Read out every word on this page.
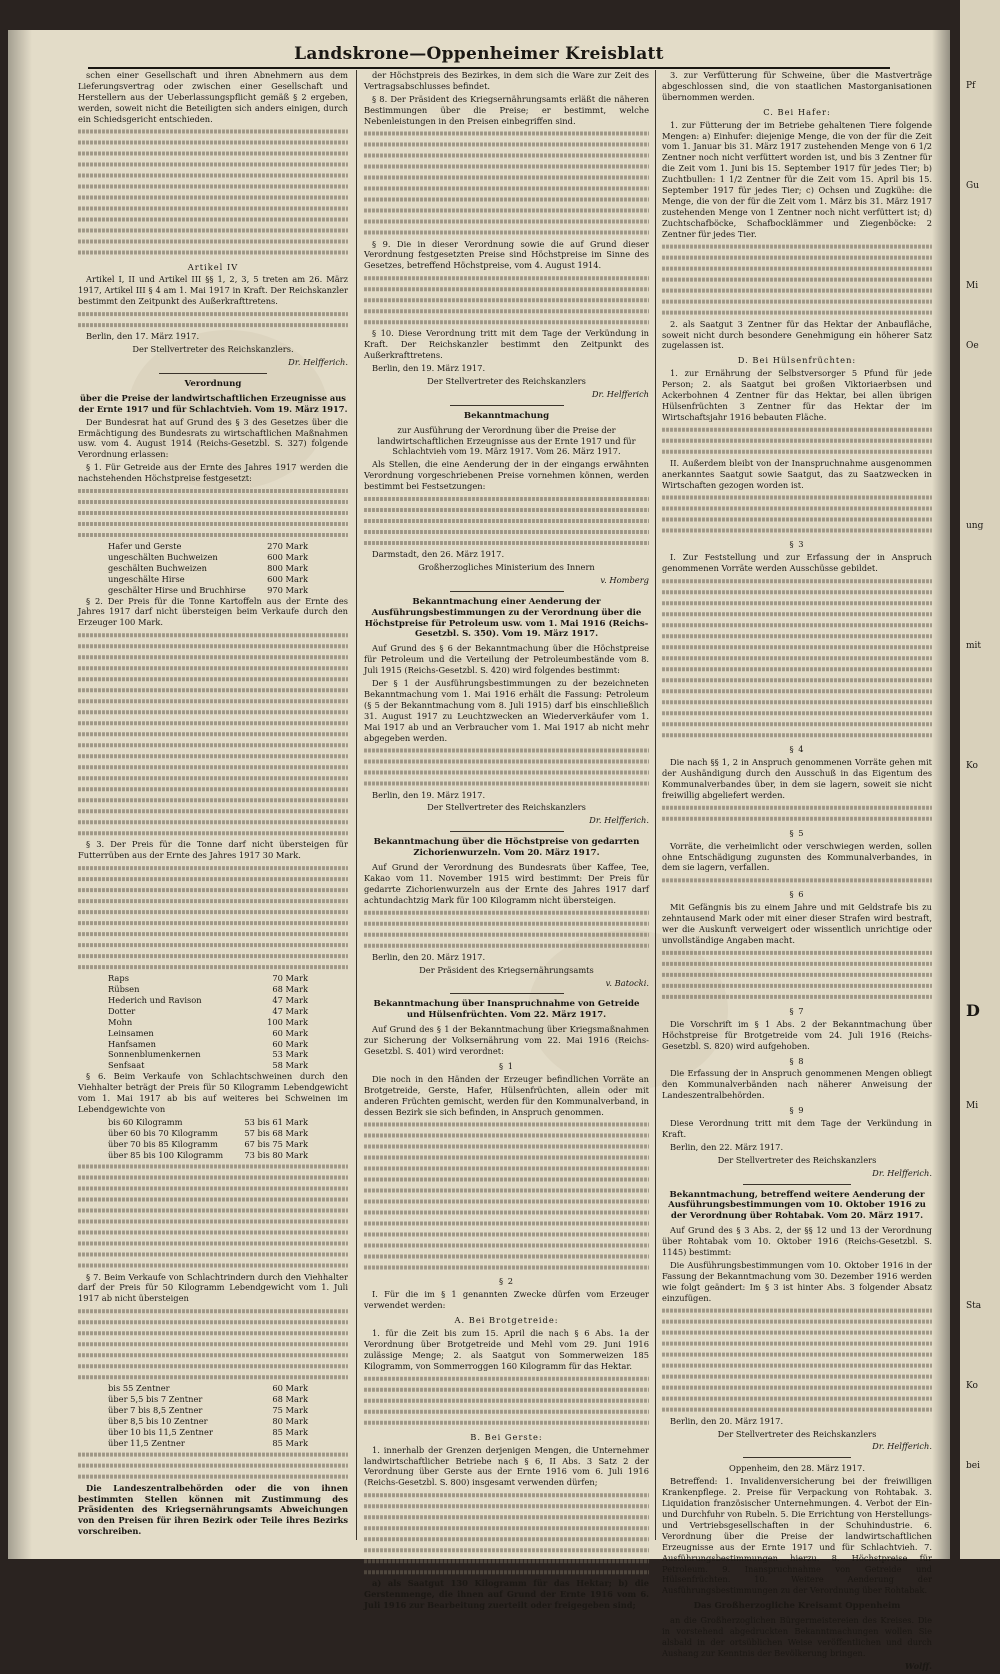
Pf
Gu
Mi
Oe
ung
mit
Ko
D
Mi
Sta
Ko
bei
Landskrone—Oppenheimer Kreisblatt

schen einer Gesellschaft und ihren Abnehmern aus dem Lieferungsvertrag oder zwischen einer Gesellschaft und Herstellern aus der Ueberlassungspflicht gemäß § 2 ergeben, werden, soweit nicht die Beteiligten sich anders einigen, durch ein Schiedsgericht entschieden.

Artikel IV

Artikel I, II und Artikel III §§ 1, 2, 3, 5 treten am 26. März 1917, Artikel III § 4 am 1. Mai 1917 in Kraft. Der Reichskanzler bestimmt den Zeitpunkt des Außerkrafttretens.

Berlin, den 17. März 1917.

Der Stellvertreter des Reichskanzlers.

Dr. Helfferich.

Verordnung

über die Preise der landwirtschaftlichen Erzeugnisse aus der Ernte 1917 und für Schlachtvieh. Vom 19. März 1917.

Der Bundesrat hat auf Grund des § 3 des Gesetzes über die Ermächtigung des Bundesrats zu wirtschaftlichen Maßnahmen usw. vom 4. August 1914 (Reichs-Gesetzbl. S. 327) folgende Verordnung erlassen:

§ 1. Für Getreide aus der Ernte des Jahres 1917 werden die nachstehenden Höchstpreise festgesetzt:

Hafer und Gerste	270 Mark
ungeschälten Buchweizen	600 Mark
geschälten Buchweizen	800 Mark
ungeschälte Hirse	600 Mark
geschälter Hirse und Bruchhirse	970 Mark

§ 2. Der Preis für die Tonne Kartoffeln aus der Ernte des Jahres 1917 darf nicht übersteigen beim Verkaufe durch den Erzeuger 100 Mark.

§ 3. Der Preis für die Tonne darf nicht übersteigen für Futterrüben aus der Ernte des Jahres 1917 30 Mark.

Raps	70 Mark
Rübsen	68 Mark
Hederich und Ravison	47 Mark
Dotter	47 Mark
Mohn	100 Mark
Leinsamen	60 Mark
Hanfsamen	60 Mark
Sonnenblumenkernen	53 Mark
Senfsaat	58 Mark

§ 6. Beim Verkaufe von Schlachtschweinen durch den Viehhalter beträgt der Preis für 50 Kilogramm Lebendgewicht vom 1. Mai 1917 ab bis auf weiteres bei Schweinen im Lebendgewichte von

bis 60 Kilogramm	53 bis 61 Mark
über 60 bis 70 Kilogramm	57 bis 68 Mark
über 70 bis 85 Kilogramm	67 bis 75 Mark
über 85 bis 100 Kilogramm	73 bis 80 Mark

§ 7. Beim Verkaufe von Schlachtrindern durch den Viehhalter darf der Preis für 50 Kilogramm Lebendgewicht vom 1. Juli 1917 ab nicht übersteigen

bis 55 Zentner	60 Mark
über 5,5 bis 7 Zentner	68 Mark
über 7 bis 8,5 Zentner	75 Mark
über 8,5 bis 10 Zentner	80 Mark
über 10 bis 11,5 Zentner	85 Mark
über 11,5 Zentner	85 Mark

Die Landeszentralbehörden oder die von ihnen bestimmten Stellen können mit Zustimmung des Präsidenten des Kriegsernährungsamts Abweichungen von den Preisen für ihren Bezirk oder Teile ihres Bezirks vorschreiben.

der Höchstpreis des Bezirkes, in dem sich die Ware zur Zeit des Vertragsabschlusses befindet.

§ 8. Der Präsident des Kriegsernährungsamts erläßt die näheren Bestimmungen über die Preise; er bestimmt, welche Nebenleistungen in den Preisen einbegriffen sind.

§ 9. Die in dieser Verordnung sowie die auf Grund dieser Verordnung festgesetzten Preise sind Höchstpreise im Sinne des Gesetzes, betreffend Höchstpreise, vom 4. August 1914.

§ 10. Diese Verordnung tritt mit dem Tage der Verkündung in Kraft. Der Reichskanzler bestimmt den Zeitpunkt des Außerkrafttretens.

Berlin, den 19. März 1917.

Der Stellvertreter des Reichskanzlers

Dr. Helfferich

Bekanntmachung

zur Ausführung der Verordnung über die Preise der landwirtschaftlichen Erzeugnisse aus der Ernte 1917 und für Schlachtvieh vom 19. März 1917. Vom 26. März 1917.

Als Stellen, die eine Aenderung der in der eingangs erwähnten Verordnung vorgeschriebenen Preise vornehmen können, werden bestimmt bei Festsetzungen:

Darmstadt, den 26. März 1917.

Großherzogliches Ministerium des Innern

v. Homberg

Bekanntmachung einer Aenderung der Ausführungsbestimmungen zu der Verordnung über die Höchstpreise für Petroleum usw. vom 1. Mai 1916 (Reichs-Gesetzbl. S. 350). Vom 19. März 1917.

Auf Grund des § 6 der Bekanntmachung über die Höchstpreise für Petroleum und die Verteilung der Petroleumbestände vom 8. Juli 1915 (Reichs-Gesetzbl. S. 420) wird folgendes bestimmt:

Der § 1 der Ausführungsbestimmungen zu der bezeichneten Bekanntmachung vom 1. Mai 1916 erhält die Fassung: Petroleum (§ 5 der Bekanntmachung vom 8. Juli 1915) darf bis einschließlich 31. August 1917 zu Leuchtzwecken an Wiederverkäufer vom 1. Mai 1917 ab und an Verbraucher vom 1. Mai 1917 ab nicht mehr abgegeben werden.

Berlin, den 19. März 1917.

Der Stellvertreter des Reichskanzlers

Dr. Helfferich.

Bekanntmachung über die Höchstpreise von gedarrten Zichorienwurzeln. Vom 20. März 1917.

Auf Grund der Verordnung des Bundesrats über Kaffee, Tee, Kakao vom 11. November 1915 wird bestimmt: Der Preis für gedarrte Zichorienwurzeln aus der Ernte des Jahres 1917 darf achtundachtzig Mark für 100 Kilogramm nicht übersteigen.

Berlin, den 20. März 1917.

Der Präsident des Kriegsernährungsamts

v. Batocki.

Bekanntmachung über Inanspruchnahme von Getreide und Hülsenfrüchten. Vom 22. März 1917.

Auf Grund des § 1 der Bekanntmachung über Kriegsmaßnahmen zur Sicherung der Volksernährung vom 22. Mai 1916 (Reichs-Gesetzbl. S. 401) wird verordnet:

§ 1

Die noch in den Händen der Erzeuger befindlichen Vorräte an Brotgetreide, Gerste, Hafer, Hülsenfrüchten, allein oder mit anderen Früchten gemischt, werden für den Kommunalverband, in dessen Bezirk sie sich befinden, in Anspruch genommen.

§ 2

I. Für die im § 1 genannten Zwecke dürfen vom Erzeuger verwendet werden:

A. Bei Brotgetreide:

1. für die Zeit bis zum 15. April die nach § 6 Abs. 1a der Verordnung über Brotgetreide und Mehl vom 29. Juni 1916 zulässige Menge; 2. als Saatgut von Sommerweizen 185 Kilogramm, von Sommerroggen 160 Kilogramm für das Hektar.

B. Bei Gerste:

1. innerhalb der Grenzen derjenigen Mengen, die Unternehmer landwirtschaftlicher Betriebe nach § 6, II Abs. 3 Satz 2 der Verordnung über Gerste aus der Ernte 1916 vom 6. Juli 1916 (Reichs-Gesetzbl. S. 800) insgesamt verwenden dürfen;

a) als Saatgut 130 Kilogramm für das Hektar; b) die Gerstenmenge, die ihnen auf Grund der Ernte 1916 vom 6. Juli 1916 zur Bearbeitung zuerteilt oder freigegeben sind;

3. zur Verfütterung für Schweine, über die Mastverträge abgeschlossen sind, die von staatlichen Mastorganisationen übernommen werden.

C. Bei Hafer:

1. zur Fütterung der im Betriebe gehaltenen Tiere folgende Mengen: a) Einhufer: diejenige Menge, die von der für die Zeit vom 1. Januar bis 31. März 1917 zustehenden Menge von 6 1/2 Zentner noch nicht verfüttert worden ist, und bis 3 Zentner für die Zeit vom 1. Juni bis 15. September 1917 für jedes Tier; b) Zuchtbullen: 1 1/2 Zentner für die Zeit vom 15. April bis 15. September 1917 für jedes Tier; c) Ochsen und Zugkühe: die Menge, die von der für die Zeit vom 1. März bis 31. März 1917 zustehenden Menge von 1 Zentner noch nicht verfüttert ist; d) Zuchtschafböcke, Schafbocklämmer und Ziegenböcke: 2 Zentner für jedes Tier.

2. als Saatgut 3 Zentner für das Hektar der Anbaufläche, soweit nicht durch besondere Genehmigung ein höherer Satz zugelassen ist.

D. Bei Hülsenfrüchten:

1. zur Ernährung der Selbstversorger 5 Pfund für jede Person; 2. als Saatgut bei großen Viktoriaerbsen und Ackerbohnen 4 Zentner für das Hektar, bei allen übrigen Hülsenfrüchten 3 Zentner für das Hektar der im Wirtschaftsjahr 1916 bebauten Fläche.

II. Außerdem bleibt von der Inanspruchnahme ausgenommen anerkanntes Saatgut sowie Saatgut, das zu Saatzwecken in Wirtschaften gezogen worden ist.

§ 3

I. Zur Feststellung und zur Erfassung der in Anspruch genommenen Vorräte werden Ausschüsse gebildet.

§ 4

Die nach §§ 1, 2 in Anspruch genommenen Vorräte gehen mit der Aushändigung durch den Ausschuß in das Eigentum des Kommunalverbandes über, in dem sie lagern, soweit sie nicht freiwillig abgeliefert werden.

§ 5

Vorräte, die verheimlicht oder verschwiegen werden, sollen ohne Entschädigung zugunsten des Kommunalverbandes, in dem sie lagern, verfallen.

§ 6

Mit Gefängnis bis zu einem Jahre und mit Geldstrafe bis zu zehntausend Mark oder mit einer dieser Strafen wird bestraft, wer die Auskunft verweigert oder wissentlich unrichtige oder unvollständige Angaben macht.

§ 7

Die Vorschrift im § 1 Abs. 2 der Bekanntmachung über Höchstpreise für Brotgetreide vom 24. Juli 1916 (Reichs-Gesetzbl. S. 820) wird aufgehoben.

§ 8

Die Erfassung der in Anspruch genommenen Mengen obliegt den Kommunalverbänden nach näherer Anweisung der Landeszentralbehörden.

§ 9

Diese Verordnung tritt mit dem Tage der Verkündung in Kraft.

Berlin, den 22. März 1917.

Der Stellvertreter des Reichskanzlers

Dr. Helfferich.

Bekanntmachung, betreffend weitere Aenderung der Ausführungsbestimmungen vom 10. Oktober 1916 zu der Verordnung über Rohtabak. Vom 20. März 1917.

Auf Grund des § 3 Abs. 2, der §§ 12 und 13 der Verordnung über Rohtabak vom 10. Oktober 1916 (Reichs-Gesetzbl. S. 1145) bestimmt:

Die Ausführungsbestimmungen vom 10. Oktober 1916 in der Fassung der Bekanntmachung vom 30. Dezember 1916 werden wie folgt geändert: Im § 3 ist hinter Abs. 3 folgender Absatz einzufügen.

Berlin, den 20. März 1917.

Der Stellvertreter des Reichskanzlers

Dr. Helfferich.

Oppenheim, den 28. März 1917.

Betreffend: 1. Invalidenversicherung bei der freiwilligen Krankenpflege. 2. Preise für Verpackung von Rohtabak. 3. Liquidation französischer Unternehmungen. 4. Verbot der Ein- und Durchfuhr von Rubeln. 5. Die Errichtung von Herstellungs- und Vertriebsgesellschaften in der Schuhindustrie. 6. Verordnung über die Preise der landwirtschaftlichen Erzeugnisse aus der Ernte 1917 und für Schlachtvieh. 7. Ausführungsbestimmungen hierzu. 8. Höchstpreise für Petroleum. 9. Inanspruchnahme von Getreide und Hülsenfrüchten. 10. Weitere Aenderung der Ausführungsbestimmungen zu der Verordnung über Rohtabak.

Das Großherzogliche Kreisamt Oppenheim

an die Großherzoglichen Bürgermeistereien des Kreises. Die in vorstehend abgedruckten Bekanntmachungen wollen Sie alsbald in der ortsüblichen Weise veröffentlichen und durch Aushang zur Kenntnis der Bevölkerung bringen.

Wolff.
